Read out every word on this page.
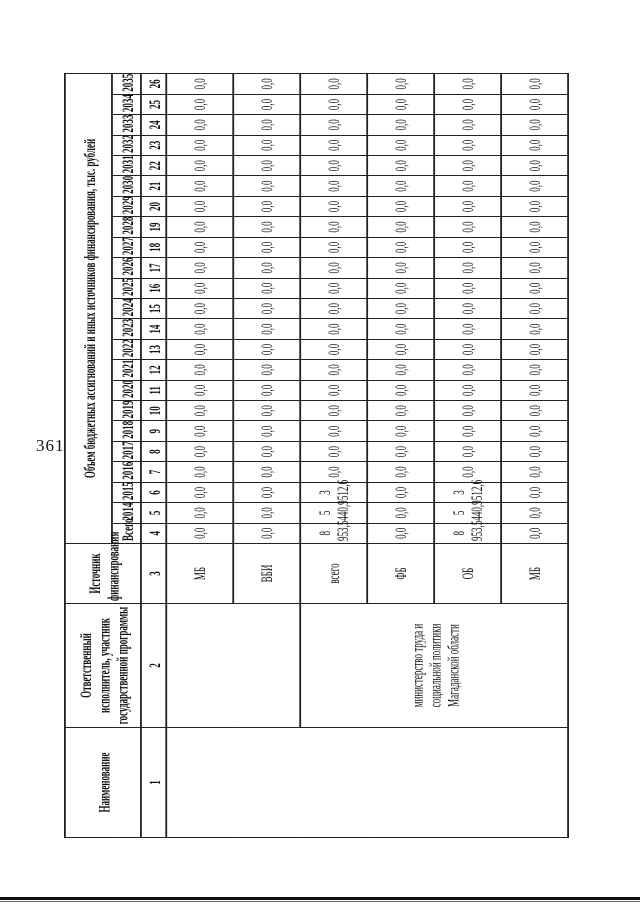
361
Наименование	Ответственный исполнитель, участник государственной программы	Источник финансирования	Объем бюджетных ассигнований и иных источников финансирования, тыс. рублей																						
			Всего	2014	2015	2016	2017	2018	2019	2020	2021	2022	2023	2024	2025	2026	2027	2028	2029	2030	2031	2032	2033	2034	2035
1	2	3	4	5	6	7	8	9	10	11	12	13	14	15	16	17	18	19	20	21	22	23	24	25	26
		МБ	0,0	0,0	0,0	0,0	0,0	0,0	0,0	0,0	0,0	0,0	0,0	0,0	0,0	0,0	0,0	0,0	0,0	0,0	0,0	0,0	0,0	0,0	0,0
		ВБИ	0,0	0,0	0,0	0,0	0,0	0,0	0,0	0,0	0,0	0,0	0,0	0,0	0,0	0,0	0,0	0,0	0,0	0,0	0,0	0,0	0,0	0,0	0,0
	министерство труда и социальной политики Магаданской области	всего	8 953,5	5 440,9	3 512,6	0,0	0,0	0,0	0,0	0,0	0,0	0,0	0,0	0,0	0,0	0,0	0,0	0,0	0,0	0,0	0,0	0,0	0,0	0,0	0,0
		ФБ	0,0	0,0	0,0	0,0	0,0	0,0	0,0	0,0	0,0	0,0	0,0	0,0	0,0	0,0	0,0	0,0	0,0	0,0	0,0	0,0	0,0	0,0	0,0
		ОБ	8 953,5	5 440,9	3 512,6	0,0	0,0	0,0	0,0	0,0	0,0	0,0	0,0	0,0	0,0	0,0	0,0	0,0	0,0	0,0	0,0	0,0	0,0	0,0	0,0
		МБ	0,0	0,0	0,0	0,0	0,0	0,0	0,0	0,0	0,0	0,0	0,0	0,0	0,0	0,0	0,0	0,0	0,0	0,0	0,0	0,0	0,0	0,0	0,0
